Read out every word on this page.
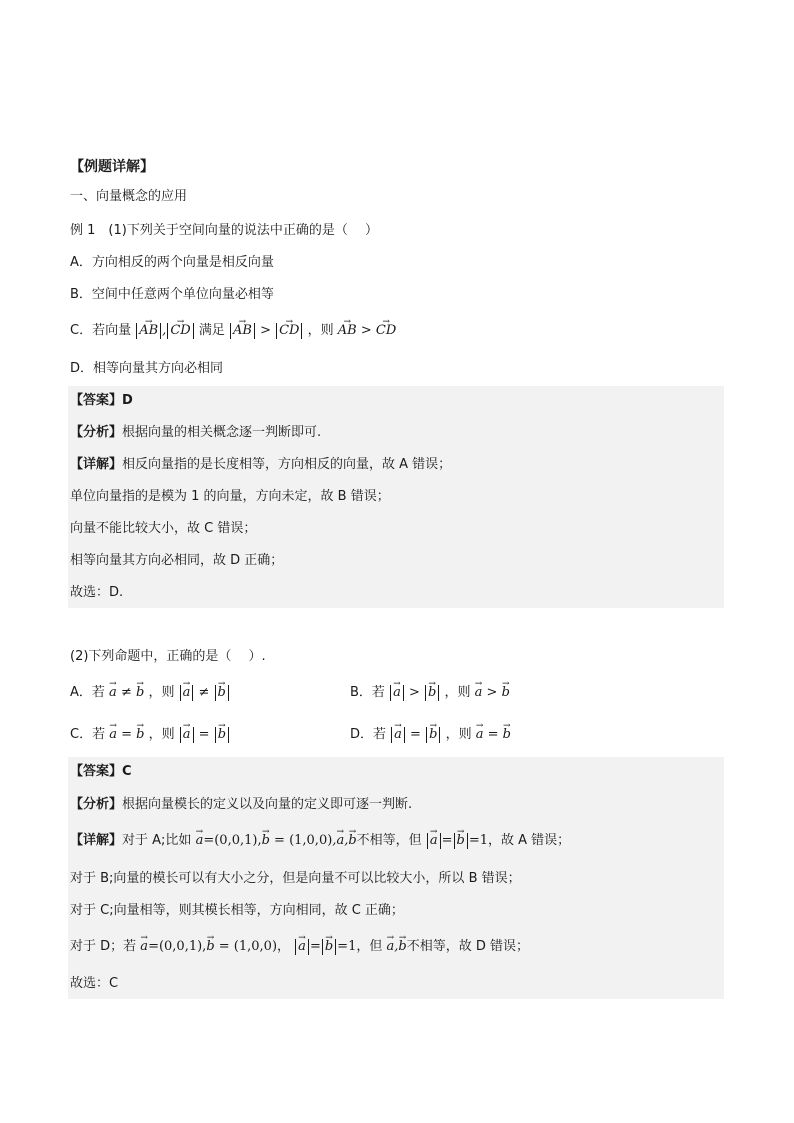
【例题详解】
一、向量概念的应用
例 1　(1)下列关于空间向量的说法中正确的是（　 ）
A．方向相反的两个向量是相反向量
B．空间中任意两个单位向量必相等
C．若向量 → AB , → CD 满足 → AB > → CD ，则 → AB > → CD
D．相等向量其方向必相同
【答案】D
【分析】根据向量的相关概念逐一判断即可.
【详解】相反向量指的是长度相等，方向相反的向量，故 A 错误；
单位向量指的是模为 1 的向量，方向未定，故 B 错误；
向量不能比较大小，故 C 错误；
相等向量其方向必相同，故 D 正确；
故选：D.
(2)下列命题中，正确的是（　 ）.
A．若 → a ≠ → b ，则 → a ≠ → b	B．若 → a > → b ，则 → a > → b
C．若 → a = → b ，则 → a = → b	D．若 → a = → b ，则 → a = → b
【答案】C
【分析】根据向量模长的定义以及向量的定义即可逐一判断.
【详解】对于 A;比如 → a=(0,0,1),→ b = (1,0,0),→ a,→ b不相等，但 → a = → b =1，故 A 错误；
对于 B;向量的模长可以有大小之分，但是向量不可以比较大小，所以 B 错误；
对于 C;向量相等，则其模长相等，方向相同，故 C 正确；
对于 D；若 → a=(0,0,1),→ b = (1,0,0)， → a = → b =1，但 → a,→ b不相等，故 D 错误；
故选：C
